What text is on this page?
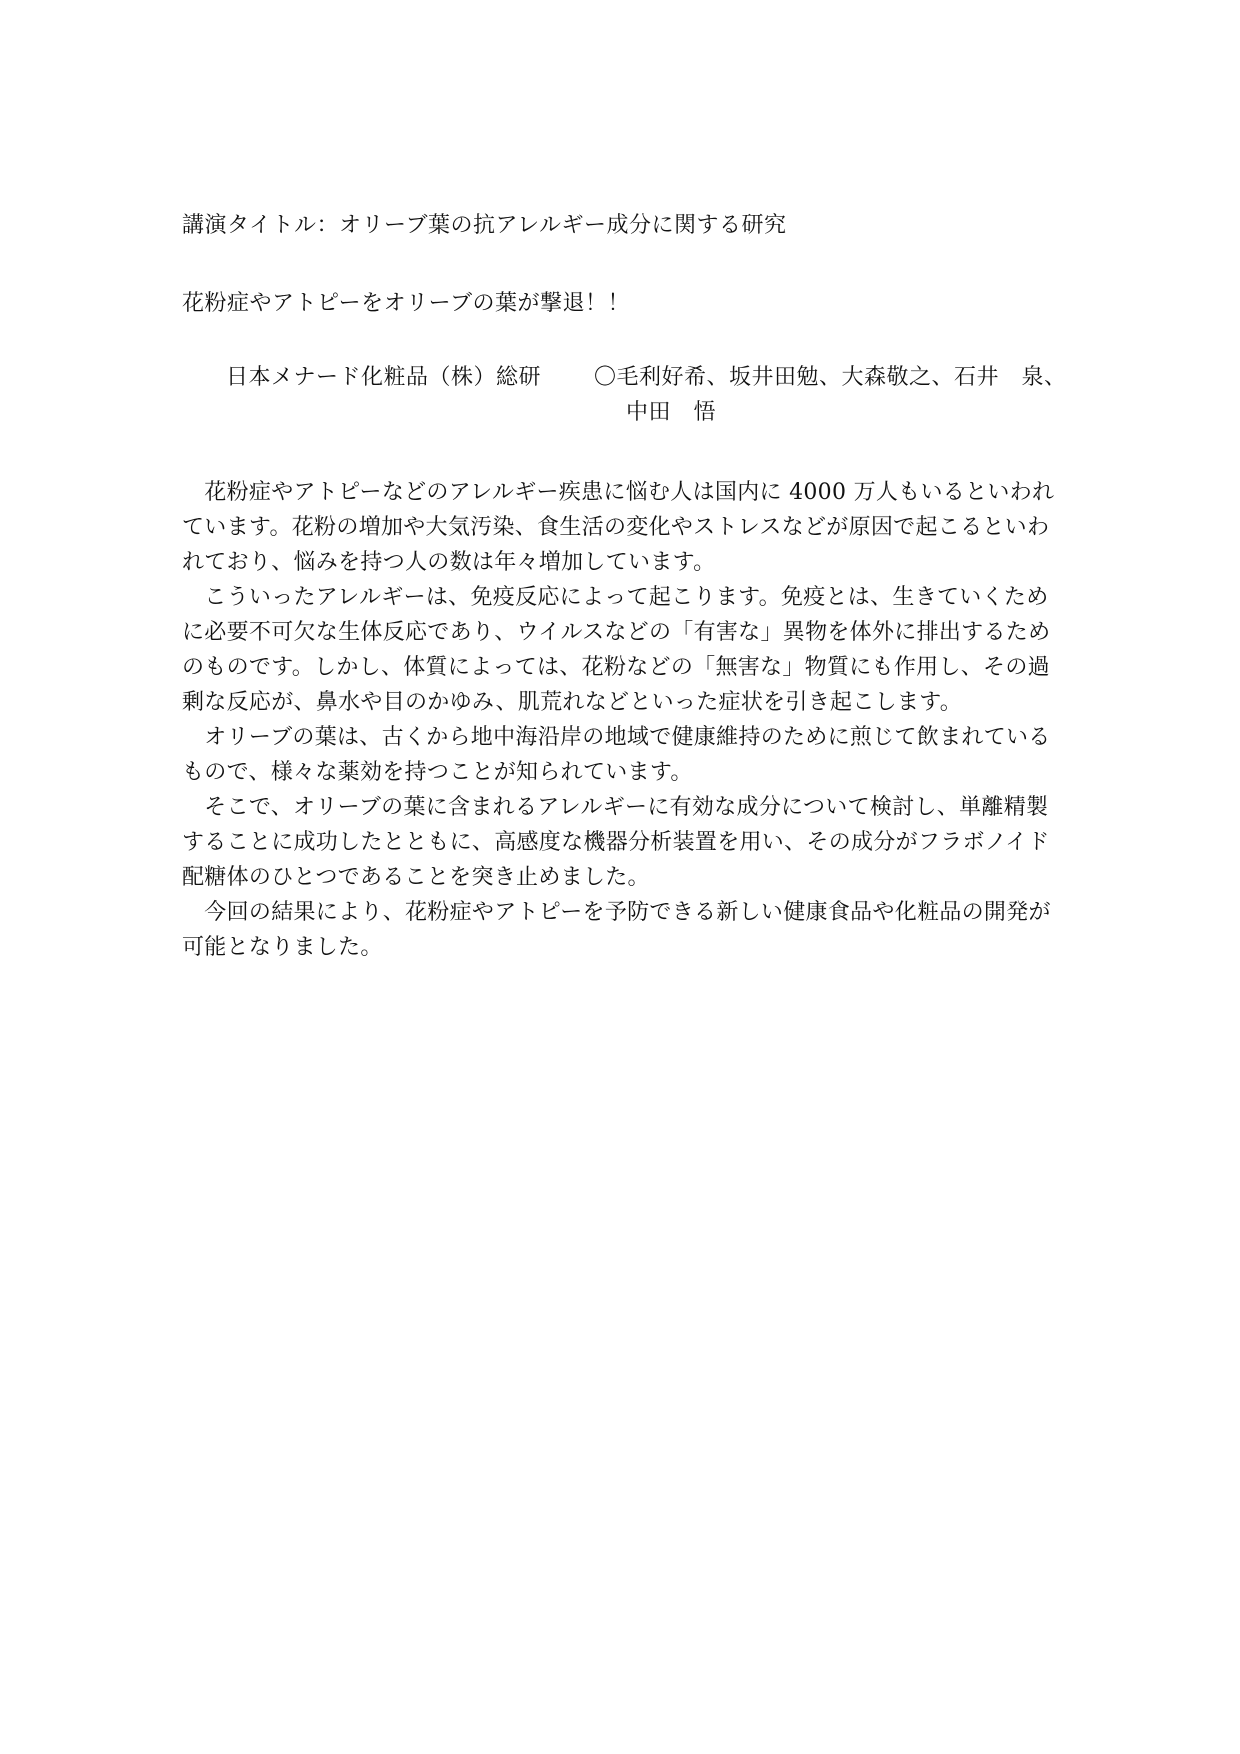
講演タイトル：オリーブ葉の抗アレルギー成分に関する研究
花粉症やアトピーをオリーブの葉が撃退！！
日本メナード化粧品（株）総研 〇毛利好希、坂井田勉、大森敬之、石井　泉、
中田　悟
　花粉症やアトピーなどのアレルギー疾患に悩む人は国内に 4000 万人もいるといわれ
ています。花粉の増加や大気汚染、食生活の変化やストレスなどが原因で起こるといわ
れており、悩みを持つ人の数は年々増加しています。
　こういったアレルギーは、免疫反応によって起こります。免疫とは、生きていくため
に必要不可欠な生体反応であり、ウイルスなどの「有害な」異物を体外に排出するため
のものです。しかし、体質によっては、花粉などの「無害な」物質にも作用し、その過
剰な反応が、鼻水や目のかゆみ、肌荒れなどといった症状を引き起こします。
　オリーブの葉は、古くから地中海沿岸の地域で健康維持のために煎じて飲まれている
もので、様々な薬効を持つことが知られています。
　そこで、オリーブの葉に含まれるアレルギーに有効な成分について検討し、単離精製
することに成功したとともに、高感度な機器分析装置を用い、その成分がフラボノイド
配糖体のひとつであることを突き止めました。
　今回の結果により、花粉症やアトピーを予防できる新しい健康食品や化粧品の開発が
可能となりました。
